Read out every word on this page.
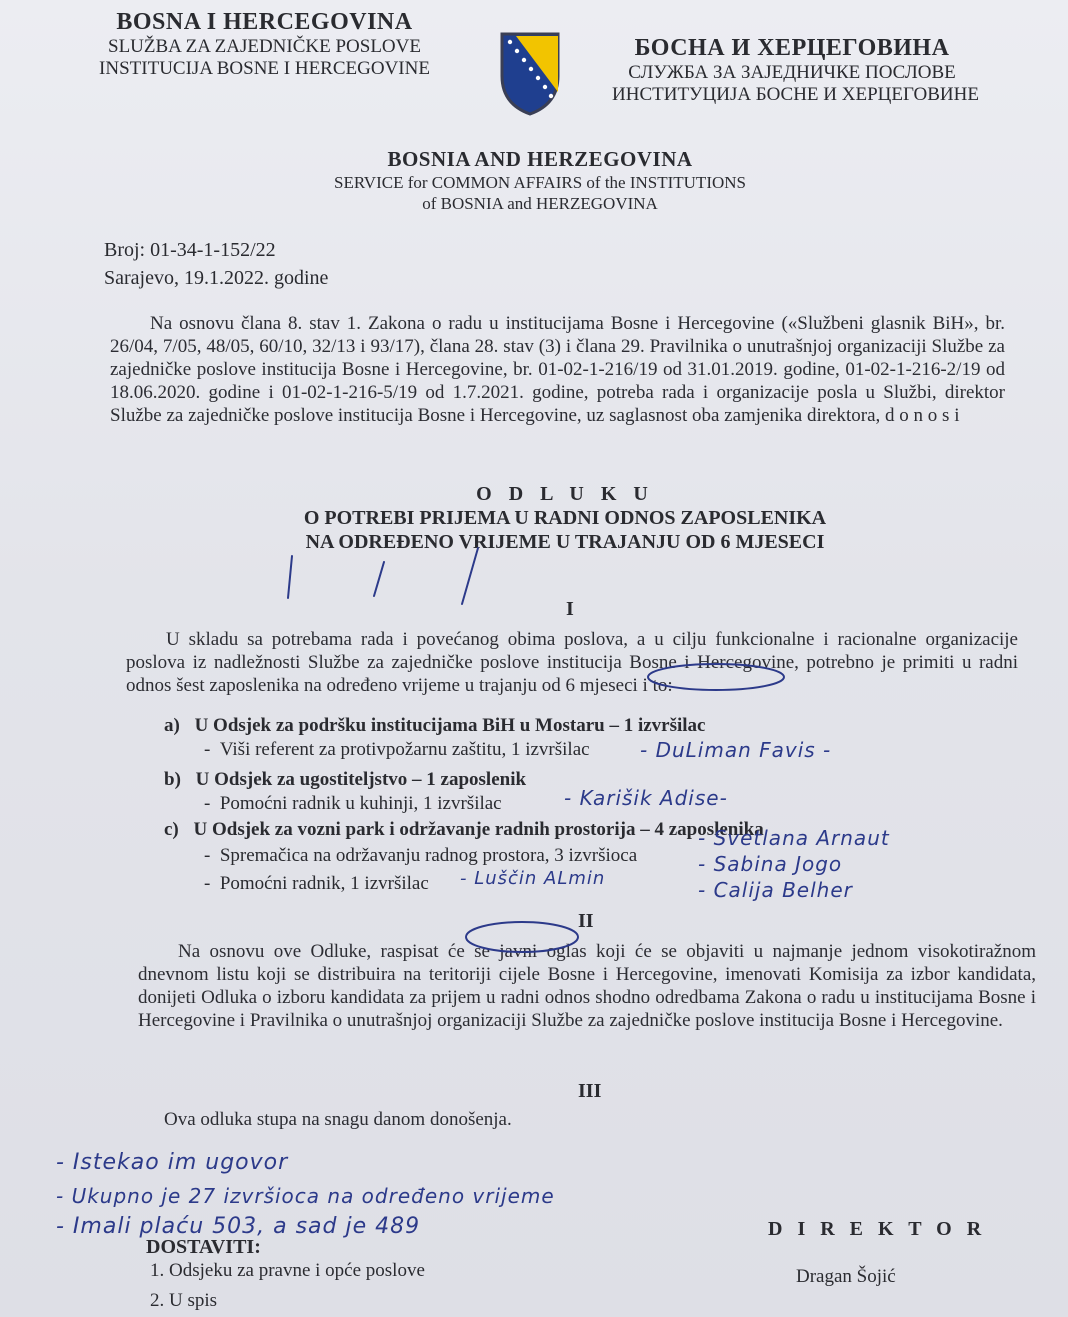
BOSNA I HERCEGOVINA
SLUŽBA ZA ZAJEDNIČKE POSLOVE
INSTITUCIJA BOSNE I HERCEGOVINE
БОСНА И ХЕРЦЕГОВИНА
СЛУЖБА ЗА ЗАЈЕДНИЧКЕ ПОСЛОВЕ
ИНСТИТУЦИЈА БОСНЕ И ХЕРЦЕГОВИНЕ
BOSNIA AND HERZEGOVINA
SERVICE for COMMON AFFAIRS of the INSTITUTIONS
of BOSNIA and HERZEGOVINA
Broj: 01-34-1-152/22
Sarajevo, 19.1.2022. godine
Na osnovu člana 8. stav 1. Zakona o radu u institucijama Bosne i Hercegovine («Službeni glasnik BiH», br. 26/04, 7/05, 48/05, 60/10, 32/13 i 93/17), člana 28. stav (3) i člana 29. Pravilnika o unutrašnjoj organizaciji Službe za zajedničke poslove institucija Bosne i Hercegovine, br. 01-02-1-216/19 od 31.01.2019. godine, 01-02-1-216-2/19 od 18.06.2020. godine i 01-02-1-216-5/19 od 1.7.2021. godine, potreba rada i organizacije posla u Službi, direktor Službe za zajedničke poslove institucija Bosne i Hercegovine, uz saglasnost oba zamjenika direktora, d o n o s i
O D L U K U
O POTREBI PRIJEMA U RADNI ODNOS ZAPOSLENIKA
NA ODREĐENO VRIJEME U TRAJANJU OD 6 MJESECI
I
U skladu sa potrebama rada i povećanog obima poslova, a u cilju funkcionalne i racionalne organizacije poslova iz nadležnosti Službe za zajedničke poslove institucija Bosne i Hercegovine, potrebno je primiti u radni odnos šest zaposlenika na određeno vrijeme u trajanju od 6 mjeseci i to:
a) U Odsjek za podršku institucijama BiH u Mostaru – 1 izvršilac
-  Viši referent za protivpožarnu zaštitu, 1 izvršilac
b) U Odsjek za ugostiteljstvo – 1 zaposlenik
-  Pomoćni radnik u kuhinji, 1 izvršilac
c) U Odsjek za vozni park i održavanje radnih prostorija – 4 zaposlenika
-  Spremačica na održavanju radnog prostora, 3 izvršioca
-  Pomoćni radnik, 1 izvršilac
- DuLiman Favis -
- Karišik Adise-
- Svetlana Arnaut
- Sabina Jogo
- Calija Belher
- Luščin ALmin
II
Na osnovu ove Odluke, raspisat će se javni oglas koji će se objaviti u najmanje jednom visokotiražnom dnevnom listu koji se distribuira na teritoriji cijele Bosne i Hercegovine, imenovati Komisija za izbor kandidata, donijeti Odluka o izboru kandidata za prijem u radni odnos shodno odredbama Zakona o radu u institucijama Bosne i Hercegovine i Pravilnika o unutrašnjoj organizaciji Službe za zajedničke poslove institucija Bosne i Hercegovine.
III
Ova odluka stupa na snagu danom donošenja.
- Istekao im ugovor
- Ukupno je 27 izvršioca na određeno vrijeme
- Imali plaću 503, a sad je 489
DOSTAVITI:
1. Odsjeku za pravne i opće poslove
2. U spis
D I R E K T O R
Dragan Šojić
